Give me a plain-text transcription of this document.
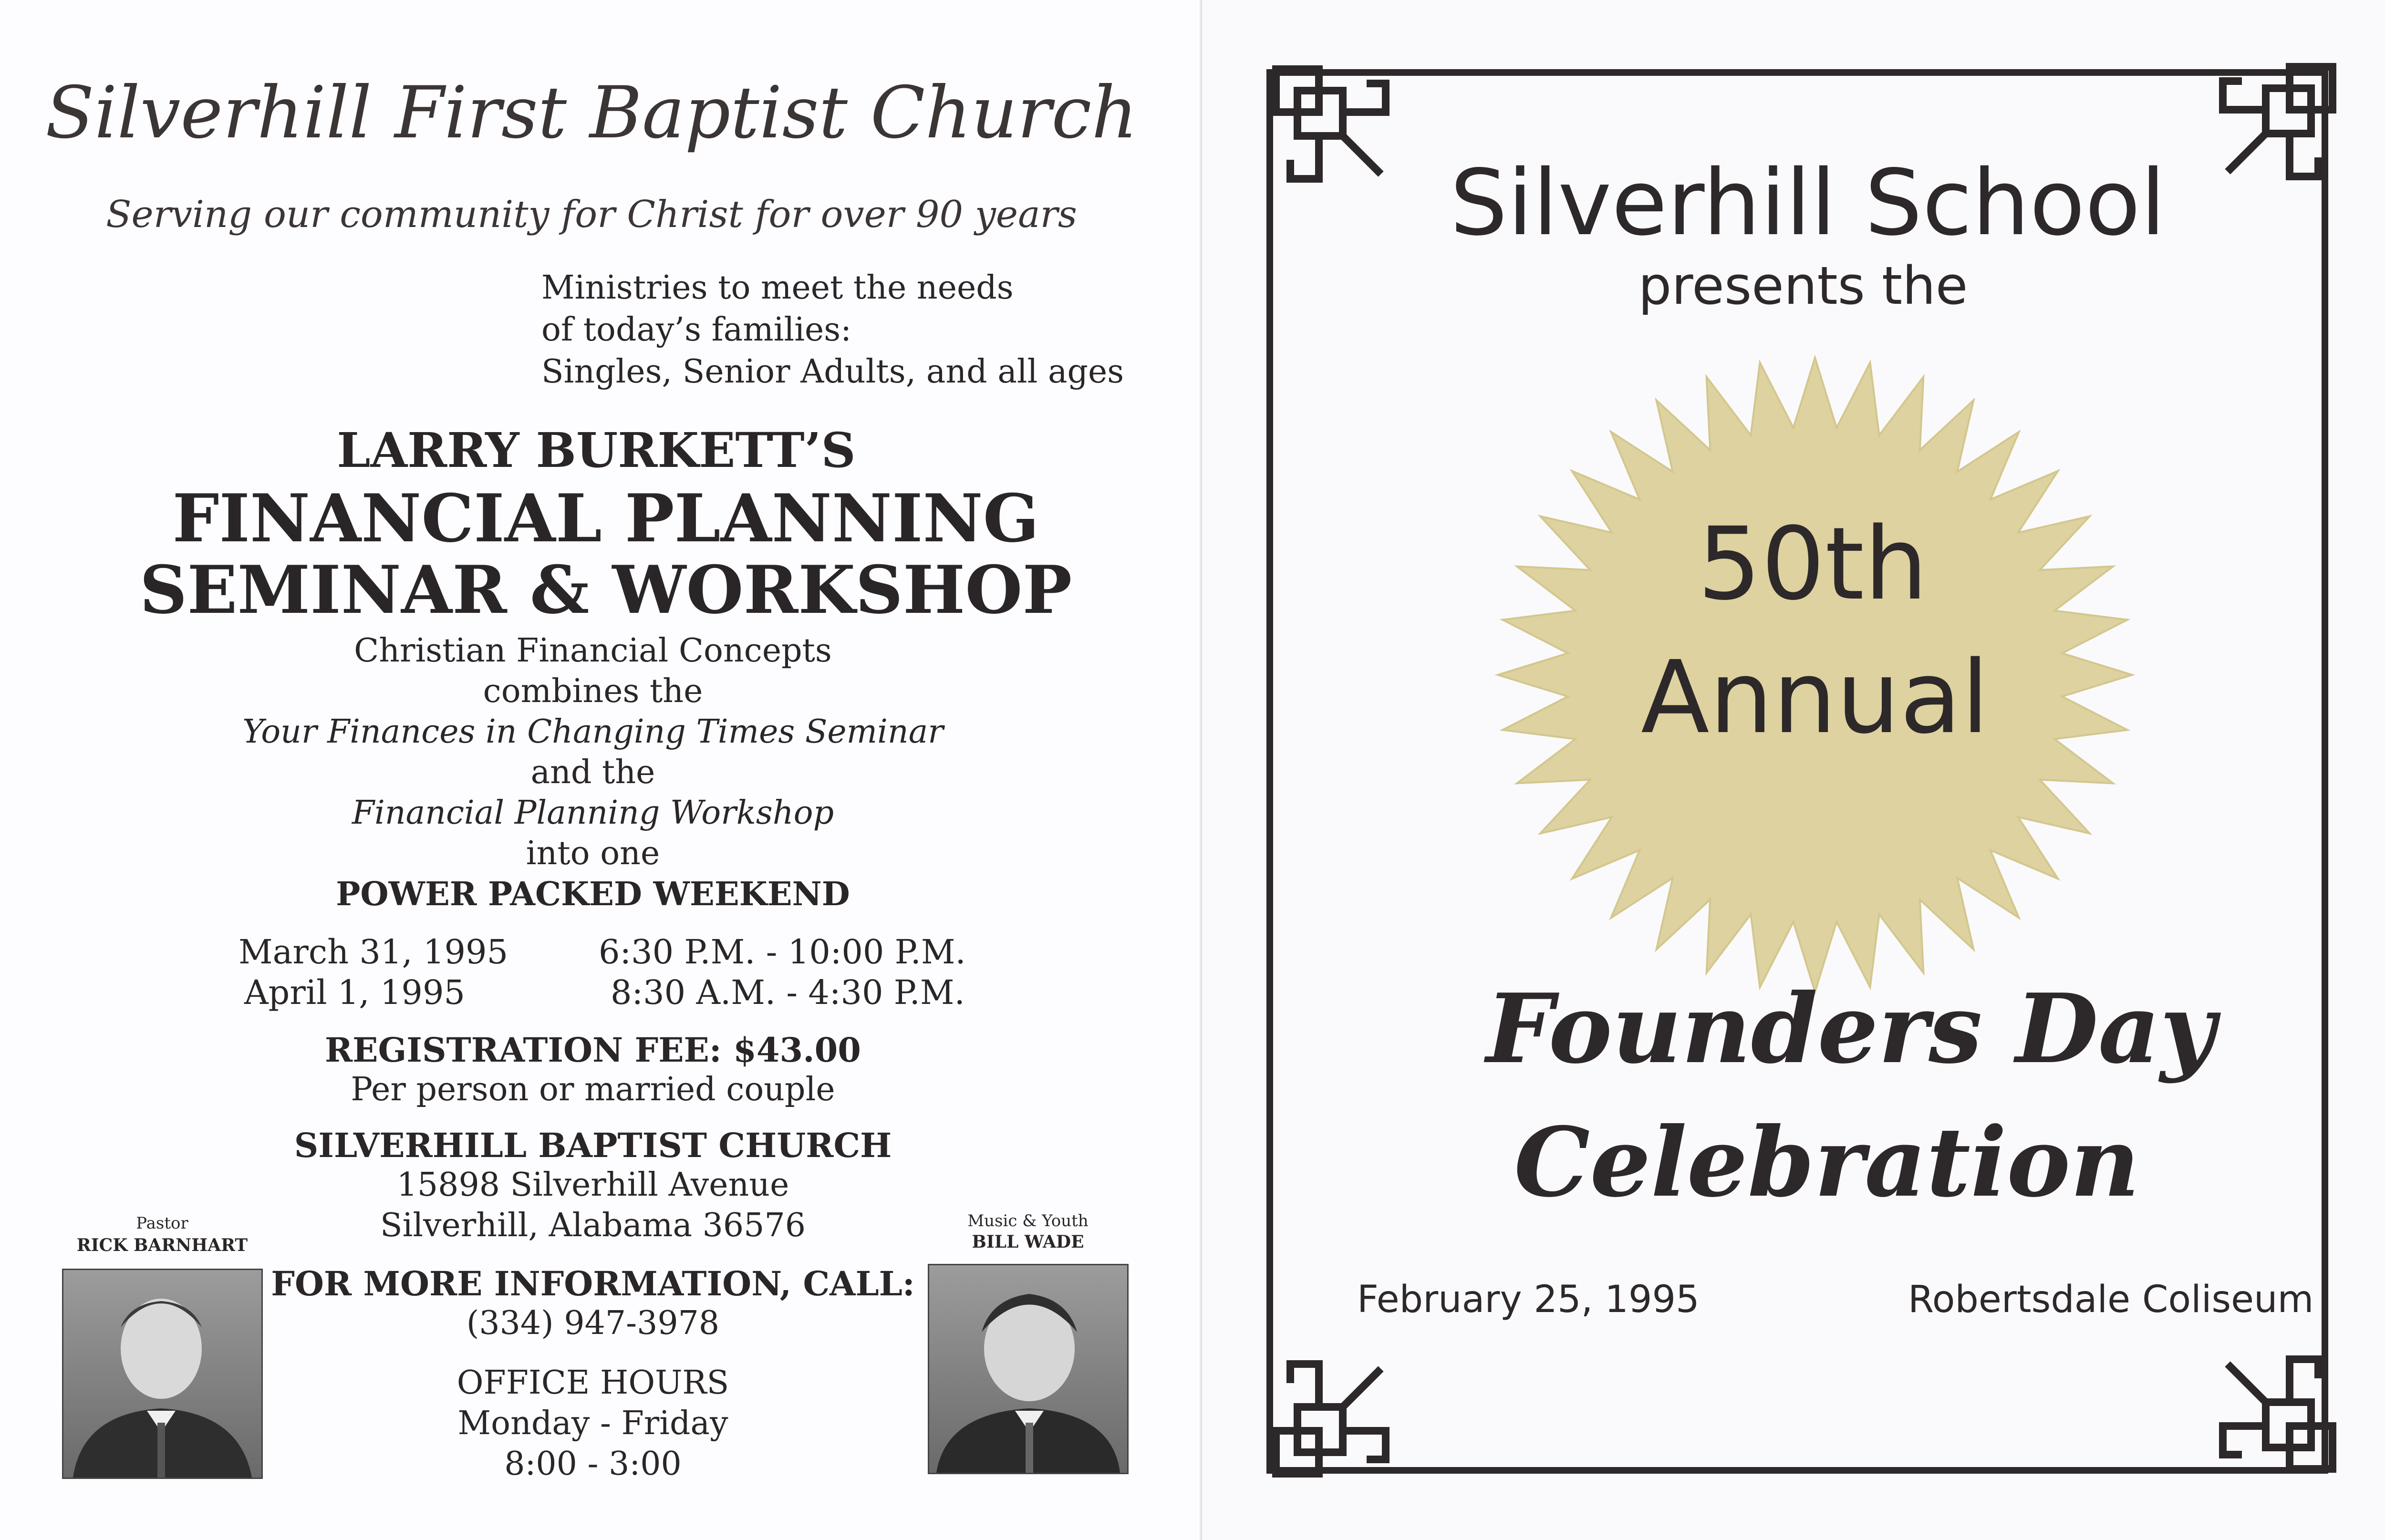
Silverhill First Baptist Church
Serving our community for Christ for over 90 years
Ministries to meet the needs
of today’s families:
Singles, Senior Adults, and all ages
LARRY BURKETT’S
FINANCIAL PLANNING
SEMINAR & WORKSHOP
Christian Financial Concepts
combines the
Your Finances in Changing Times Seminar
and the
Financial Planning Workshop
into one
POWER PACKED WEEKEND
March 31, 1995	6:30 P.M. - 10:00 P.M.
April 1, 1995	8:30 A.M. - 4:30 P.M.
REGISTRATION FEE: $43.00
Per person or married couple
SILVERHILL BAPTIST CHURCH
15898 Silverhill Avenue
Silverhill, Alabama 36576
FOR MORE INFORMATION, CALL:
(334) 947-3978
OFFICE HOURS
Monday - Friday
8:00 - 3:00
Pastor
RICK BARNHART
Music & Youth
BILL WADE
Silverhill School
presents the
50th
Annual
Founders Day
Celebration
February 25, 1995	Robertsdale Coliseum
